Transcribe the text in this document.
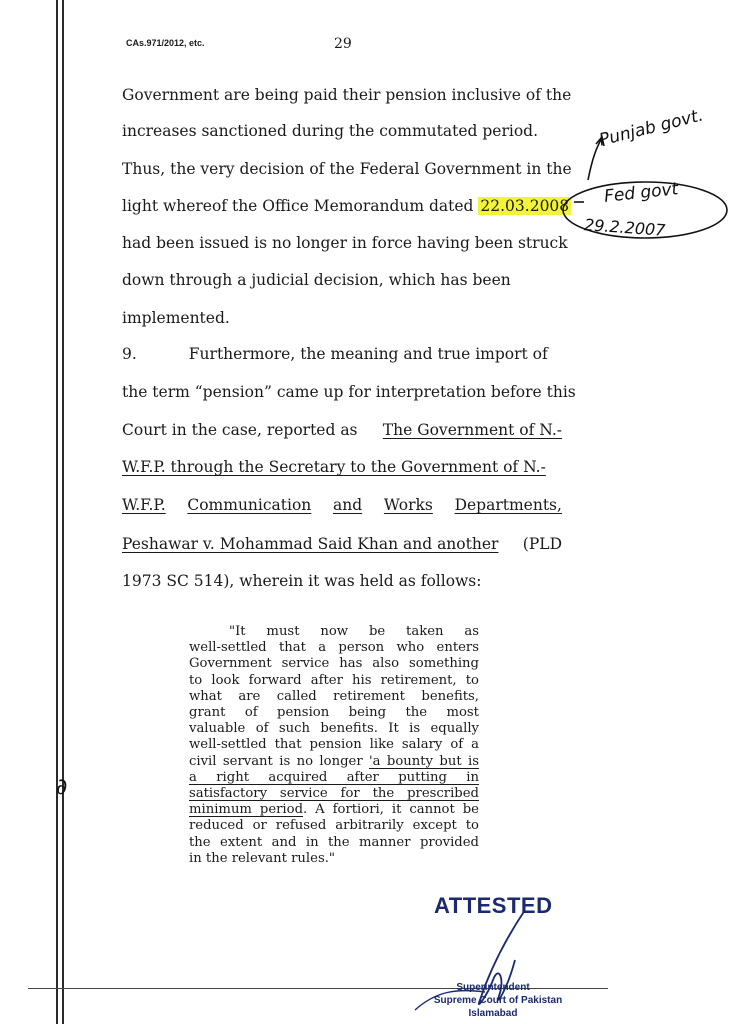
CAs.971/2012, etc.	29
Government are being paid their pension inclusive of the
increases sanctioned during the commutated period.
Thus, the very decision of the Federal Government in the
light whereof the Office Memorandum dated
22.03.2008
had been issued is no longer in force having been struck
down through a judicial decision, which has been
implemented.
9.	Furthermore, the meaning and true import of
the term “pension” came up for interpretation before this
Court in the case, reported as The Government of N.-
W.F.P. through the Secretary to the Government of N.-
W.F.P. Communication and Works Departments,
Peshawar v. Mohammad Said Khan and another (PLD
1973 SC 514), wherein it was held as follows:
"It must now be taken as
well-settled that a person who enters
Government service has also something
to look forward after his retirement, to
what are called retirement benefits,
grant of pension being the most
valuable of such benefits. It is equally
well-settled that pension like salary of a
civil servant is no longer 'a bounty but is
a right acquired after putting in
satisfactory service for the prescribed
minimum period. A fortiori, it cannot be
reduced or refused arbitrarily except to
the extent and in the manner provided
in the relevant rules."
Punjab govt.
Fed govt
29.2.2007
∂
ATTESTED
Superintendent
Supreme Court of Pakistan
Islamabad
